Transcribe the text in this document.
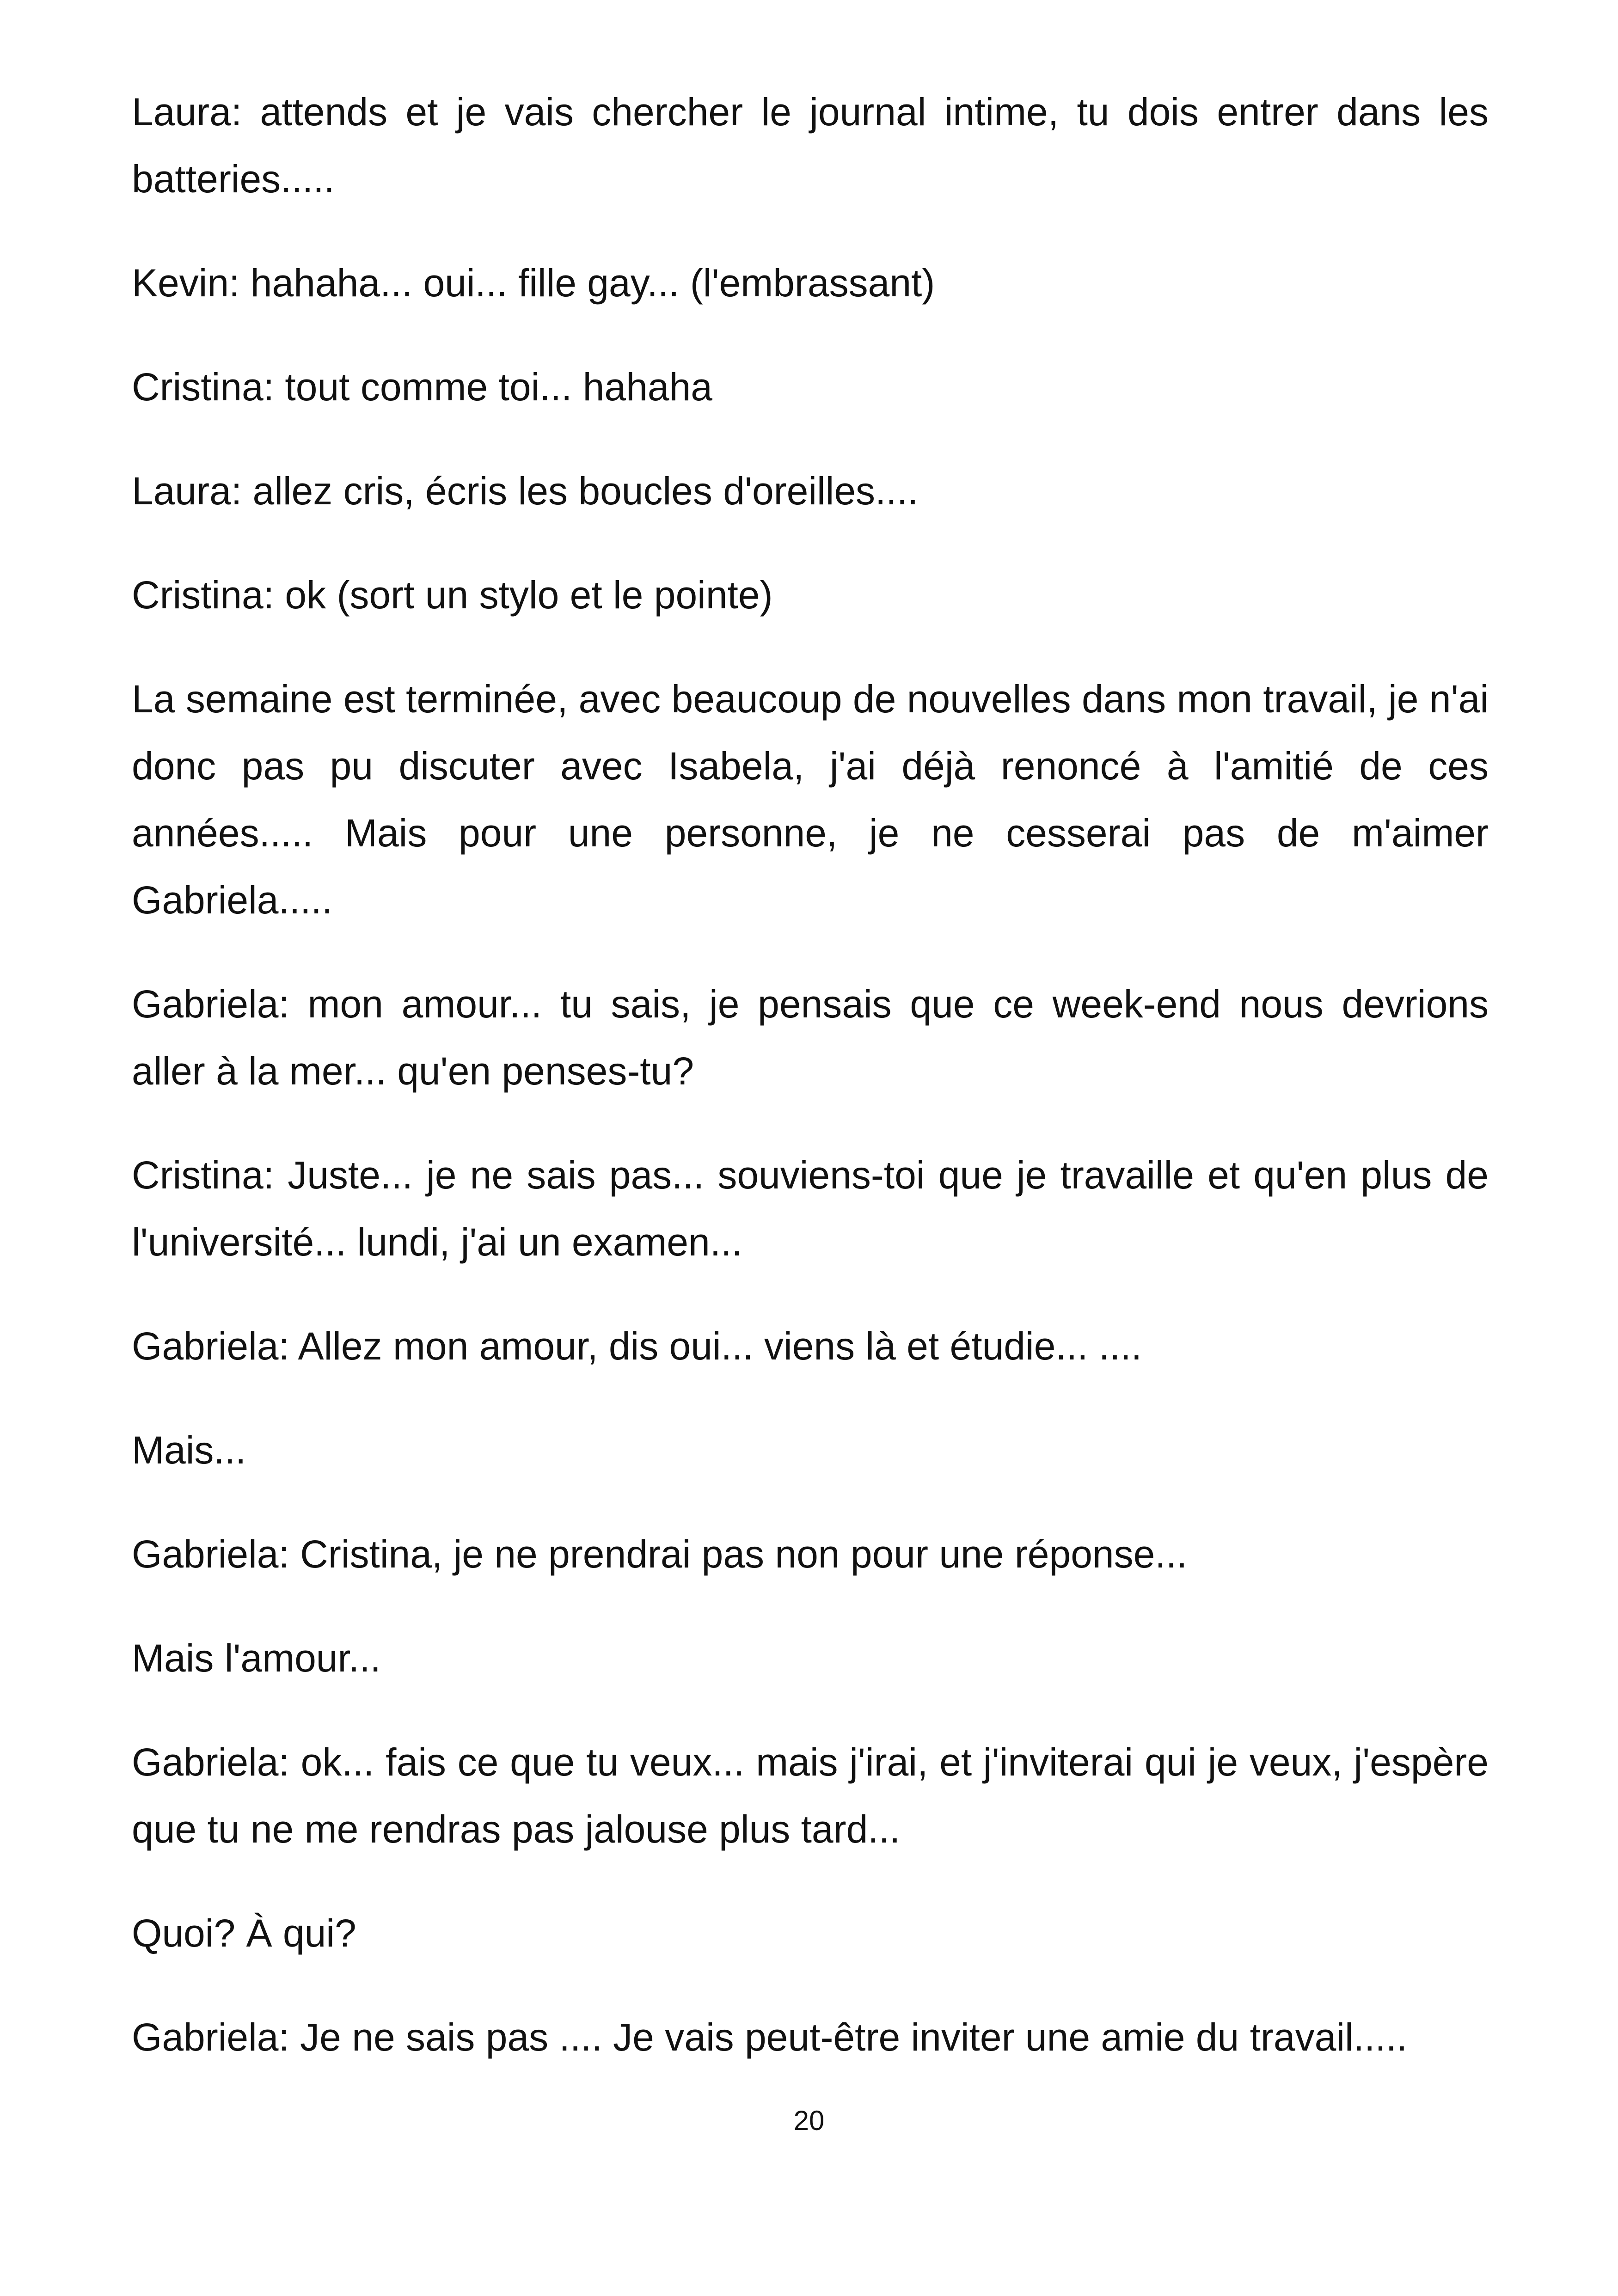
Laura: attends et je vais chercher le journal intime, tu dois entrer dans les batteries.....

Kevin: hahaha... oui... fille gay... (l'embrassant)

Cristina: tout comme toi... hahaha

Laura: allez cris, écris les boucles d'oreilles....

Cristina: ok (sort un stylo et le pointe)

La semaine est terminée, avec beaucoup de nouvelles dans mon travail, je n'ai donc pas pu discuter avec Isabela, j'ai déjà renoncé à l'amitié de ces années..... Mais pour une personne, je ne cesserai pas de m'aimer Gabriela.....

Gabriela: mon amour... tu sais, je pensais que ce week-end nous devrions aller à la mer... qu'en penses-tu?

Cristina: Juste... je ne sais pas... souviens-toi que je travaille et qu'en plus de l'université... lundi, j'ai un examen...

Gabriela: Allez mon amour, dis oui... viens là et étudie... ....

Mais...

Gabriela: Cristina, je ne prendrai pas non pour une réponse...

Mais l'amour...

Gabriela: ok... fais ce que tu veux... mais j'irai, et j'inviterai qui je veux, j'espère que tu ne me rendras pas jalouse plus tard...

Quoi? À qui?

Gabriela: Je ne sais pas .... Je vais peut-être inviter une amie du travail.....

20
